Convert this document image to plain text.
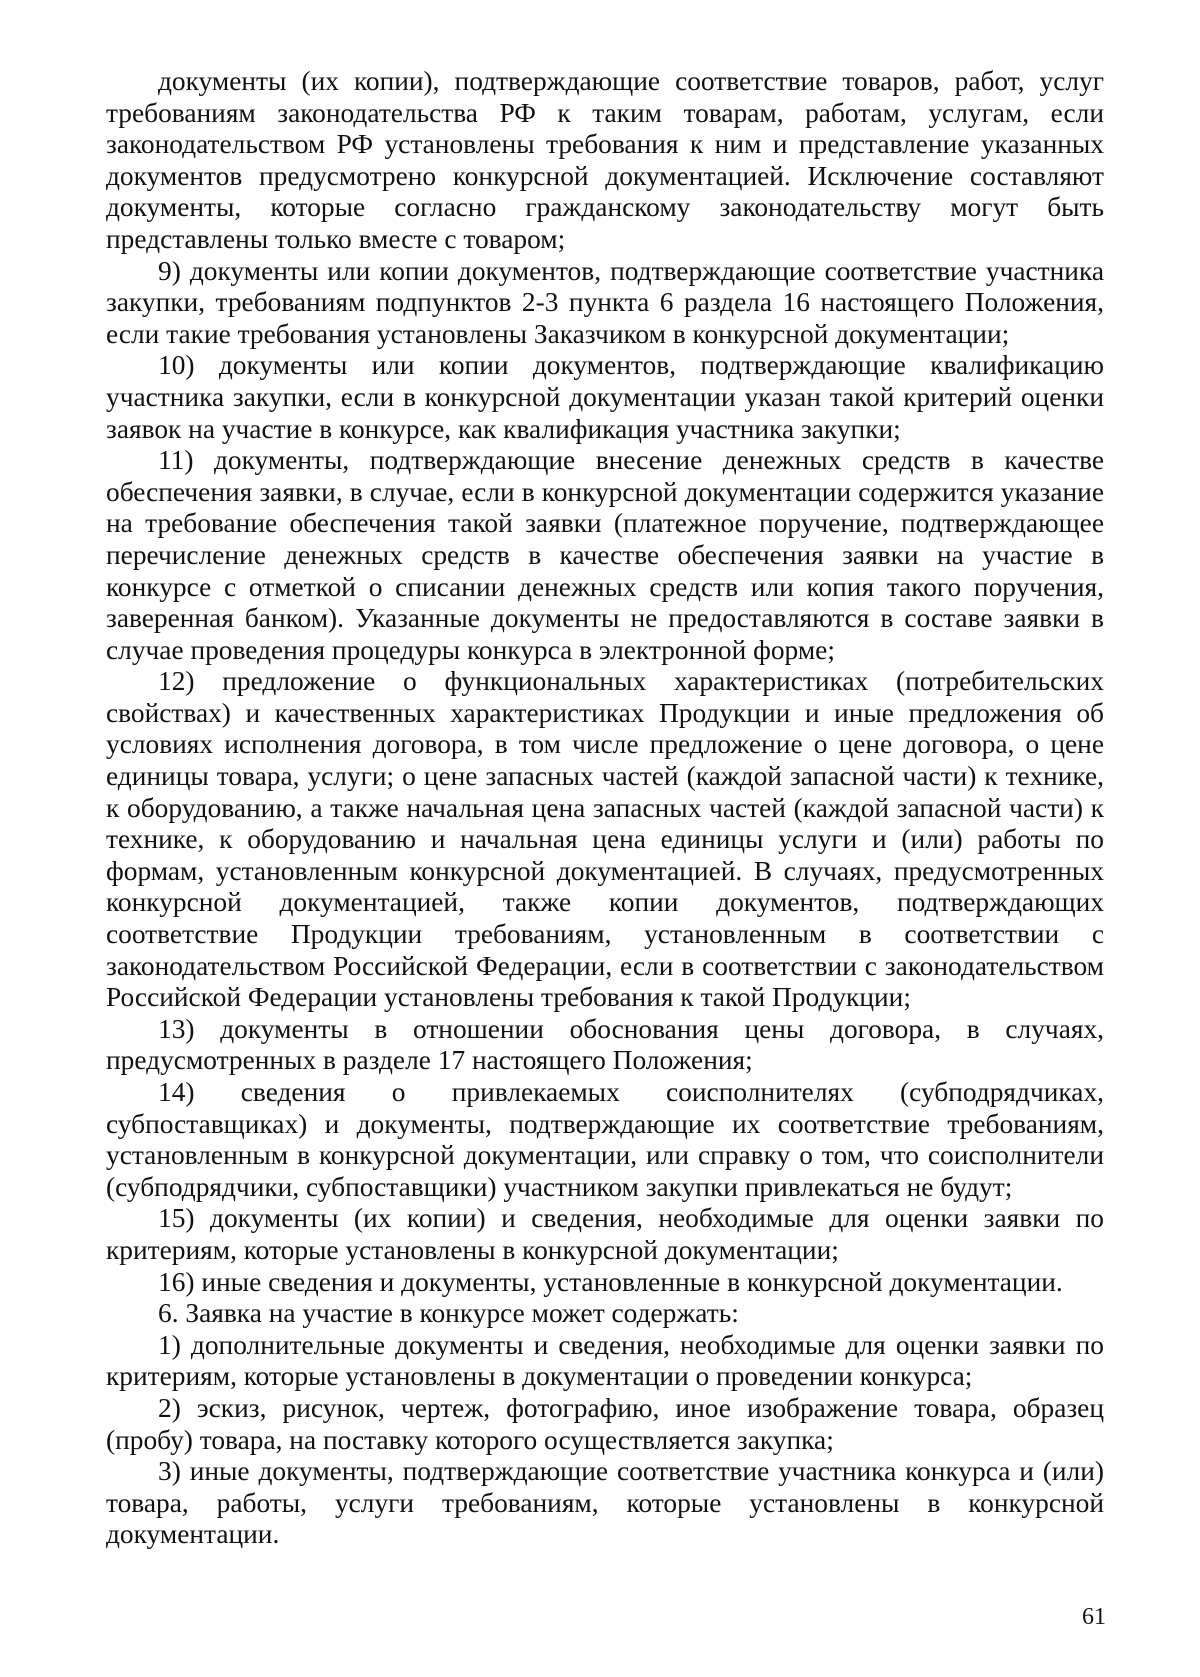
документы (их копии), подтверждающие соответствие товаров, работ, услуг требованиям законодательства РФ к таким товарам, работам, услугам, если законодательством РФ установлены требования к ним и представление указанных документов предусмотрено конкурсной документацией. Исключение составляют документы, которые согласно гражданскому законодательству могут быть представлены только вместе с товаром;

9) документы или копии документов, подтверждающие соответствие участника закупки, требованиям подпунктов 2-3 пункта 6 раздела 16 настоящего Положения, если такие требования установлены Заказчиком в конкурсной документации;

10) документы или копии документов, подтверждающие квалификацию участника закупки, если в конкурсной документации указан такой критерий оценки заявок на участие в конкурсе, как квалификация участника закупки;

11) документы, подтверждающие внесение денежных средств в качестве обеспечения заявки, в случае, если в конкурсной документации содержится указание на требование обеспечения такой заявки (платежное поручение, подтверждающее перечисление денежных средств в качестве обеспечения заявки на участие в конкурсе с отметкой о списании денежных средств или копия такого поручения, заверенная банком). Указанные документы не предоставляются в составе заявки в случае проведения процедуры конкурса в электронной форме;

12) предложение о функциональных характеристиках (потребительских свойствах) и качественных характеристиках Продукции и иные предложения об условиях исполнения договора, в том числе предложение о цене договора, о цене единицы товара, услуги; о цене запасных частей (каждой запасной части) к технике, к оборудованию, а также начальная цена запасных частей (каждой запасной части) к технике, к оборудованию и начальная цена единицы услуги и (или) работы по формам, установленным конкурсной документацией. В случаях, предусмотренных конкурсной документацией, также копии документов, подтверждающих соответствие Продукции требованиям, установленным в соответствии с законодательством Российской Федерации, если в соответствии с законодательством Российской Федерации установлены требования к такой Продукции;

13) документы в отношении обоснования цены договора, в случаях, предусмотренных в разделе 17 настоящего Положения;

14) сведения о привлекаемых соисполнителях (субподрядчиках, субпоставщиках) и документы, подтверждающие их соответствие требованиям, установленным в конкурсной документации, или справку о том, что соисполнители (субподрядчики, субпоставщики) участником закупки привлекаться не будут;

15) документы (их копии) и сведения, необходимые для оценки заявки по критериям, которые установлены в конкурсной документации;

16) иные сведения и документы, установленные в конкурсной документации.

6. Заявка на участие в конкурсе может содержать:

1) дополнительные документы и сведения, необходимые для оценки заявки по критериям, которые установлены в документации о проведении конкурса;

2) эскиз, рисунок, чертеж, фотографию, иное изображение товара, образец (пробу) товара, на поставку которого осуществляется закупка;

3) иные документы, подтверждающие соответствие участника конкурса и (или) товара, работы, услуги требованиям, которые установлены в конкурсной документации.

61
